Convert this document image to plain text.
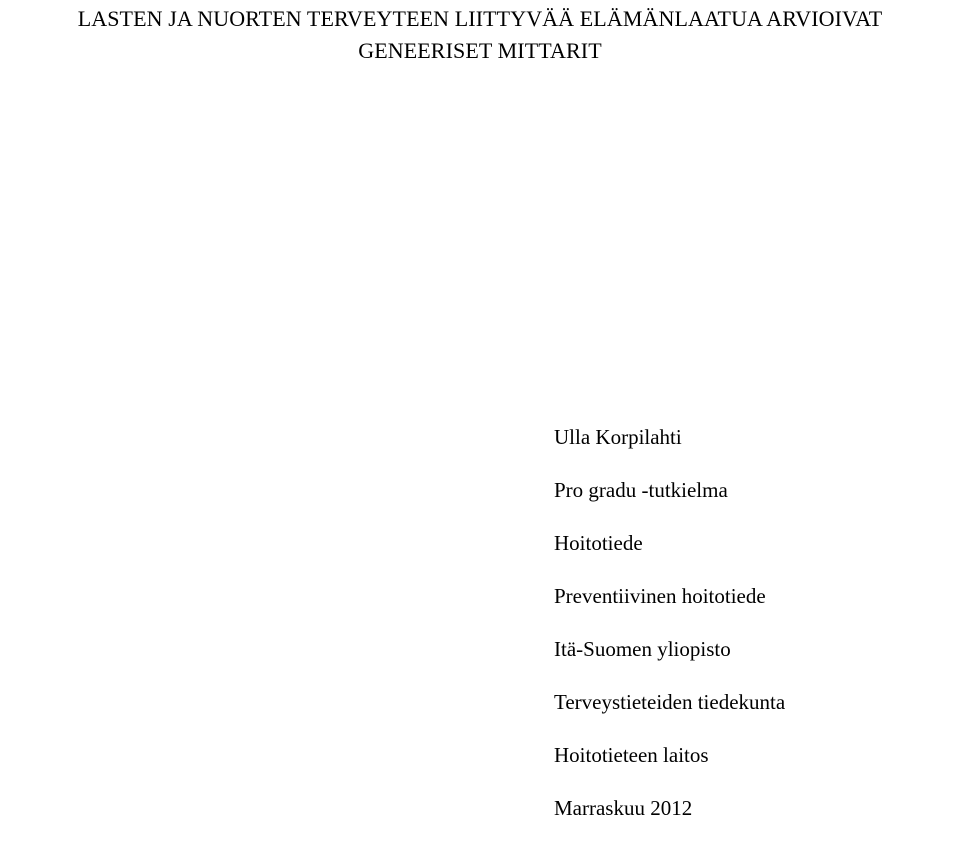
LASTEN JA NUORTEN TERVEYTEEN LIITTYVÄÄ ELÄMÄNLAATUA ARVIOIVAT
GENEERISET MITTARIT
Ulla Korpilahti
Pro gradu -tutkielma
Hoitotiede
Preventiivinen hoitotiede
Itä-Suomen yliopisto
Terveystieteiden tiedekunta
Hoitotieteen laitos
Marraskuu 2012
